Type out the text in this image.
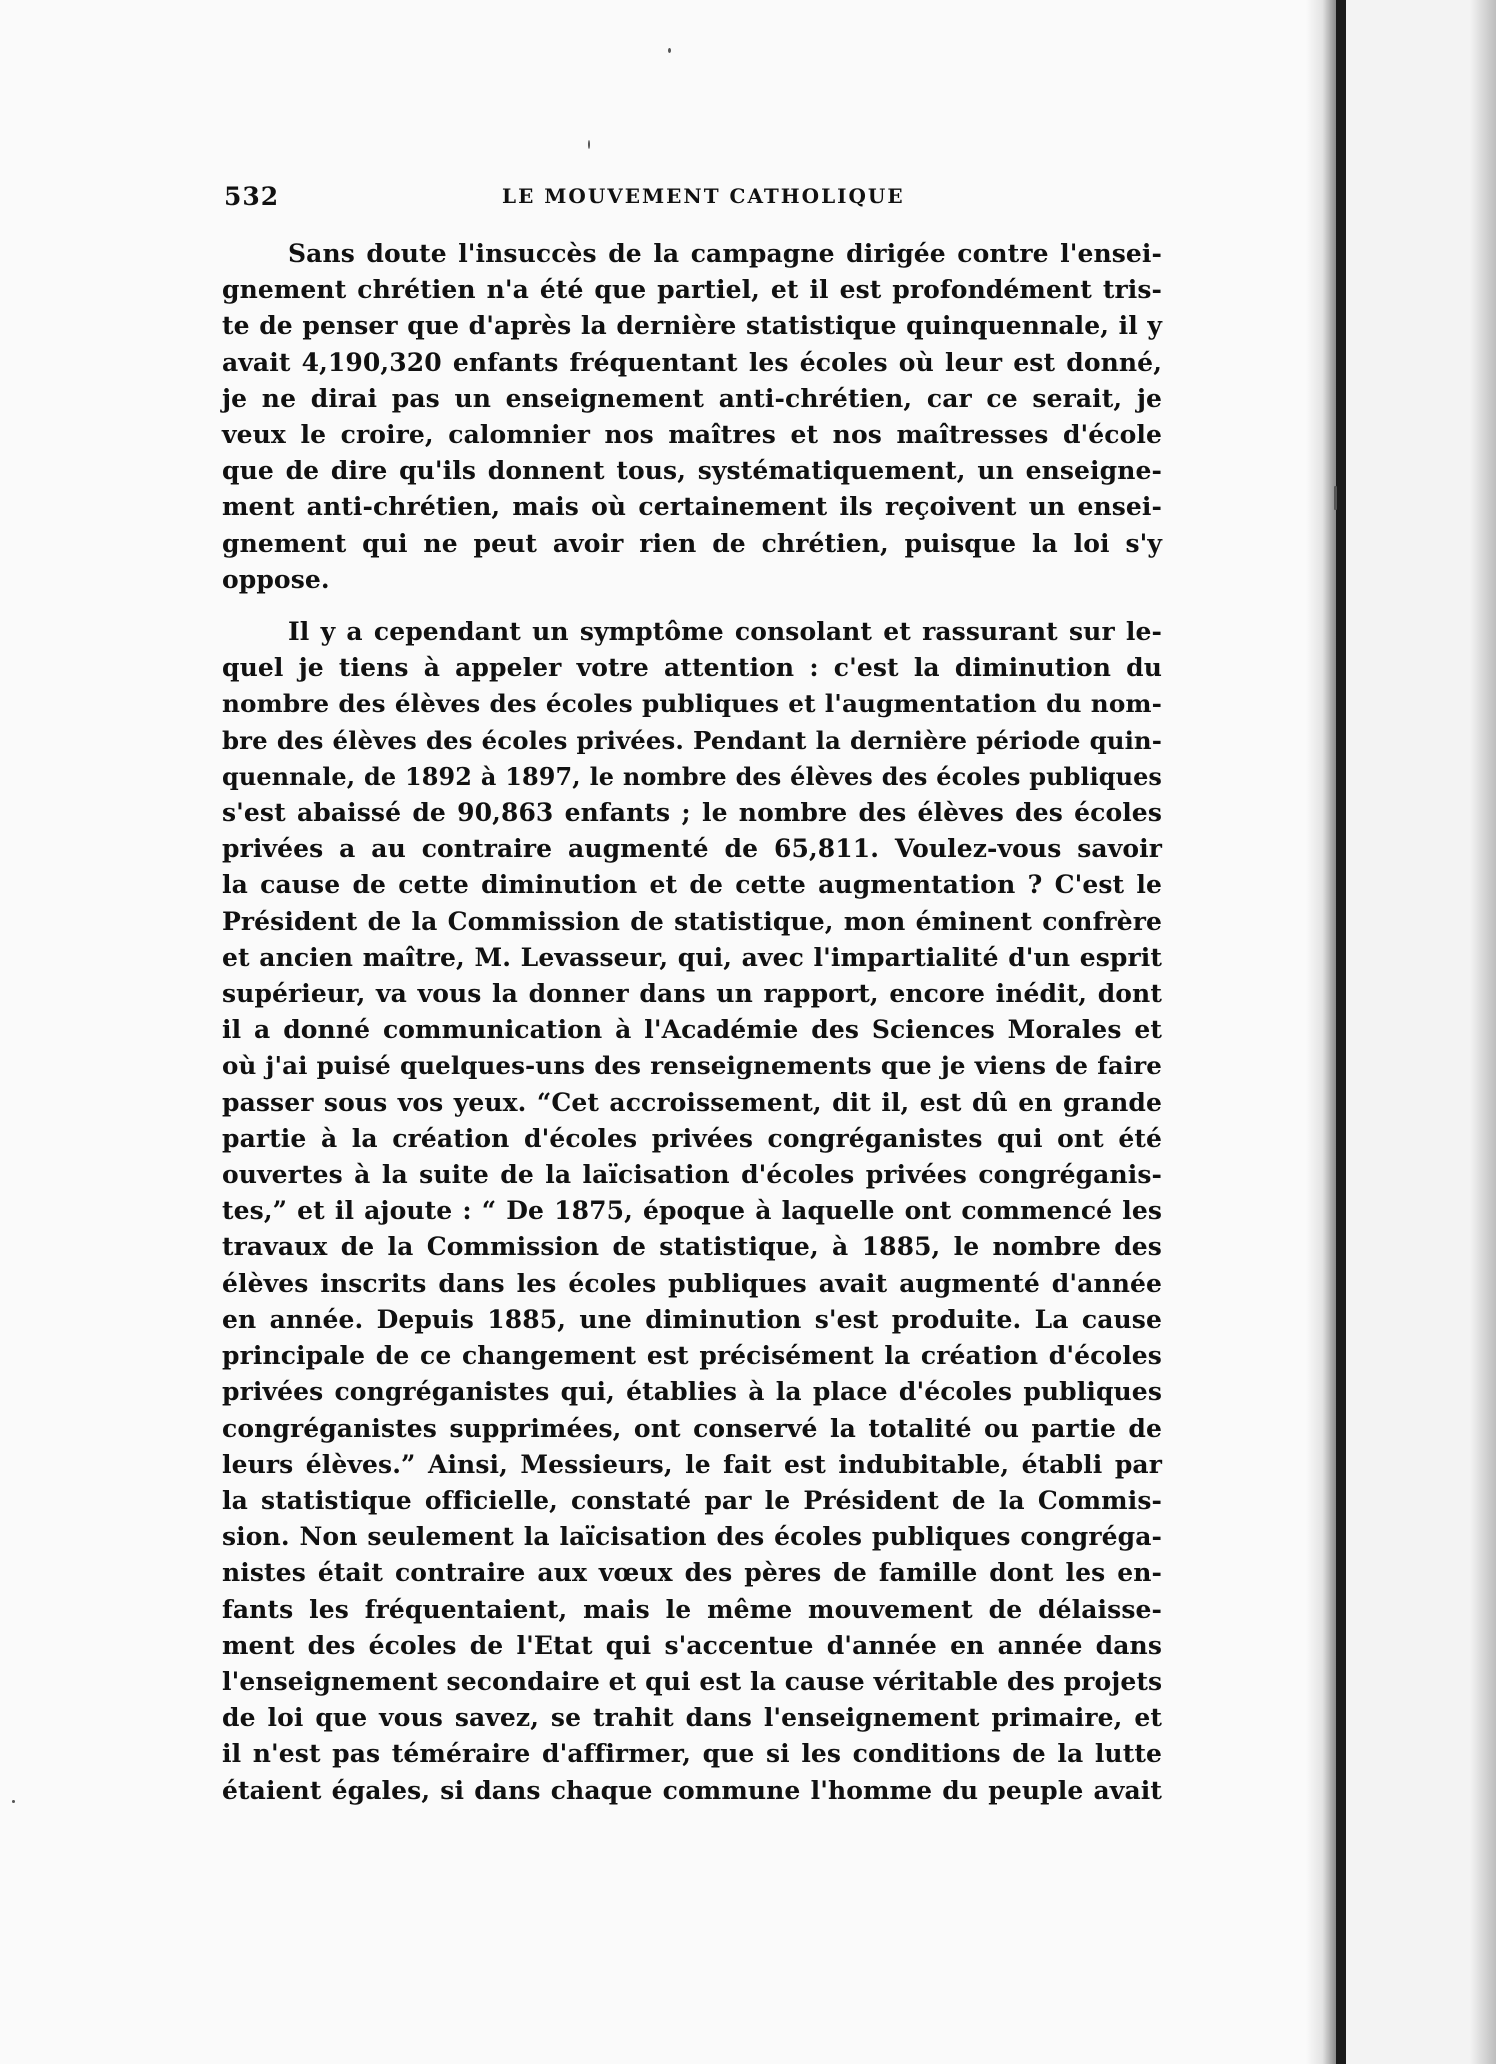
532	LE MOUVEMENT CATHOLIQUE
Sans doute l'insuccès de la campagne dirigée contre l'ensei-
gnement chrétien n'a été que partiel, et il est profondément tris-
te de penser que d'après la dernière statistique quinquennale, il y
avait 4,190,320 enfants fréquentant les écoles où leur est donné,
je ne dirai pas un enseignement anti-chrétien, car ce serait, je
veux le croire, calomnier nos maîtres et nos maîtresses d'école
que de dire qu'ils donnent tous, systématiquement, un enseigne-
ment anti-chrétien, mais où certainement ils reçoivent un ensei-
gnement qui ne peut avoir rien de chrétien, puisque la loi s'y
oppose.
Il y a cependant un symptôme consolant et rassurant sur le-
quel je tiens à appeler votre attention : c'est la diminution du
nombre des élèves des écoles publiques et l'augmentation du nom-
bre des élèves des écoles privées. Pendant la dernière période quin-
quennale, de 1892 à 1897, le nombre des élèves des écoles publiques
s'est abaissé de 90,863 enfants ; le nombre des élèves des écoles
privées a au contraire augmenté de 65,811. Voulez-vous savoir
la cause de cette diminution et de cette augmentation ? C'est le
Président de la Commission de statistique, mon éminent confrère
et ancien maître, M. Levasseur, qui, avec l'impartialité d'un esprit
supérieur, va vous la donner dans un rapport, encore inédit, dont
il a donné communication à l'Académie des Sciences Morales et
où j'ai puisé quelques-uns des renseignements que je viens de faire
passer sous vos yeux. “Cet accroissement, dit il, est dû en grande
partie à la création d'écoles privées congréganistes qui ont été
ouvertes à la suite de la laïcisation d'écoles privées congréganis-
tes,” et il ajoute : “ De 1875, époque à laquelle ont commencé les
travaux de la Commission de statistique, à 1885, le nombre des
élèves inscrits dans les écoles publiques avait augmenté d'année
en année. Depuis 1885, une diminution s'est produite. La cause
principale de ce changement est précisément la création d'écoles
privées congréganistes qui, établies à la place d'écoles publiques
congréganistes supprimées, ont conservé la totalité ou partie de
leurs élèves.” Ainsi, Messieurs, le fait est indubitable, établi par
la statistique officielle, constaté par le Président de la Commis-
sion. Non seulement la laïcisation des écoles publiques congréga-
nistes était contraire aux vœux des pères de famille dont les en-
fants les fréquentaient, mais le même mouvement de délaisse-
ment des écoles de l'Etat qui s'accentue d'année en année dans
l'enseignement secondaire et qui est la cause véritable des projets
de loi que vous savez, se trahit dans l'enseignement primaire, et
il n'est pas téméraire d'affirmer, que si les conditions de la lutte
étaient égales, si dans chaque commune l'homme du peuple avait
